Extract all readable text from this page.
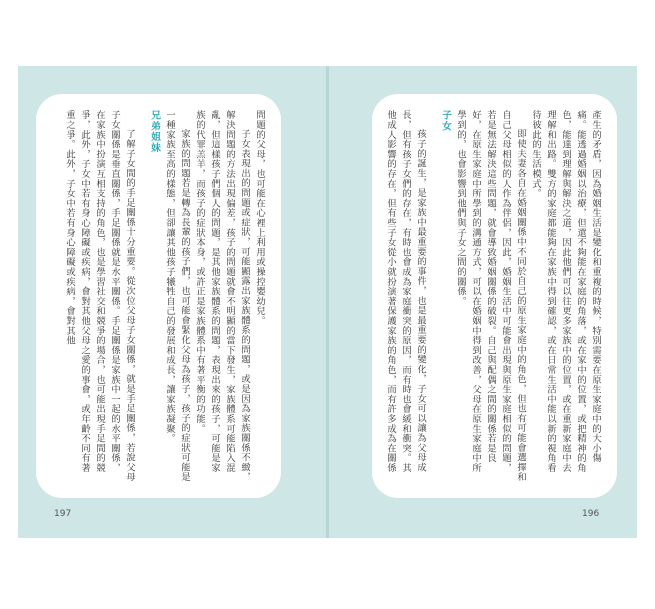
問題的父母，也可能在心裡上利用或操控嬰幼兒。

子女表現出的問題或症狀，可能顯露出家族體系的問題，或是因為家族關係不緻，解決問題的方法出現偏差，孩子的問題就會不明顯的當下發生，家族體系可能陷入混亂，但這樣孩子們個人的問題，是其他家族體系的問題，表現出來的孩子，可能是家族的代罪羔羊，而孩子的症狀本身，或許正是家族體系中有著平衡的功能。

家族的問題若是轉為長輩的孩子們，也可能會緊化父母為孩子，孩子的症狀可能是一種家族至高的樣態，但卻讓其他孩子犧牲自己的發展和成長，讓家族凝聚。

兄弟姐妹

了解子女間的手足關係十分重要。從次位父母子女關係，就是手足關係，若說父母子女關係是垂直關係，手足關係就是水平關係。手足關係是家族中一起的水平關係，在家族中扮演互相支持的角色，也是學習社交和競爭的場合，也可能出現手足間的競爭，此外，子女中若有身心障礙或疾病，會對其他父母之愛的事會，或年齡不同有著重之爭。此外，子女中若有身心障礙或疾病，會對其他	產生的矛盾，因為婚姻生活是變化和重複的時候，特別需要在原生家庭中的大小傷痛。能透過婚姻以治療，但還不夠能在家庭的角落，或在家中的位置，或把精神的角色，能達到理解與解決之道，因此他們可以往更多家族中的位置，或在重新家庭中去理解和出路。雙方的家庭都能夠在家族中得到確認，或在日常生活中能以新的視角看待彼此的生活模式。

即使夫妻各自在婚姻關係中不同於自己的原生家庭中的角色，但也有可能會選擇和自己父母相似的人作為伴侶，因此，婚姻生活中可能會出現與原生家庭相似的問題，若是無法解決這些問題，就會導致婚姻關係的破裂。自己與配偶之間的關係若是良好，在原生家庭中所學到的溝通方式，可以在婚姻中得到改善，父母在原生家庭中所學到的，也會影響到他們與子女之間的關係。

子女

孩子的誕生，是家族中最重要的事件，也是最重要的變化，子女可以讓為父母成長，但有孩子女們的存在，有時也會成為家庭衝突的原因，而有時也會緩和衝突。其他成人影響的存在，但有些子女從小就扮演著保護家族的角色，而有許多成為在關係

197	196
